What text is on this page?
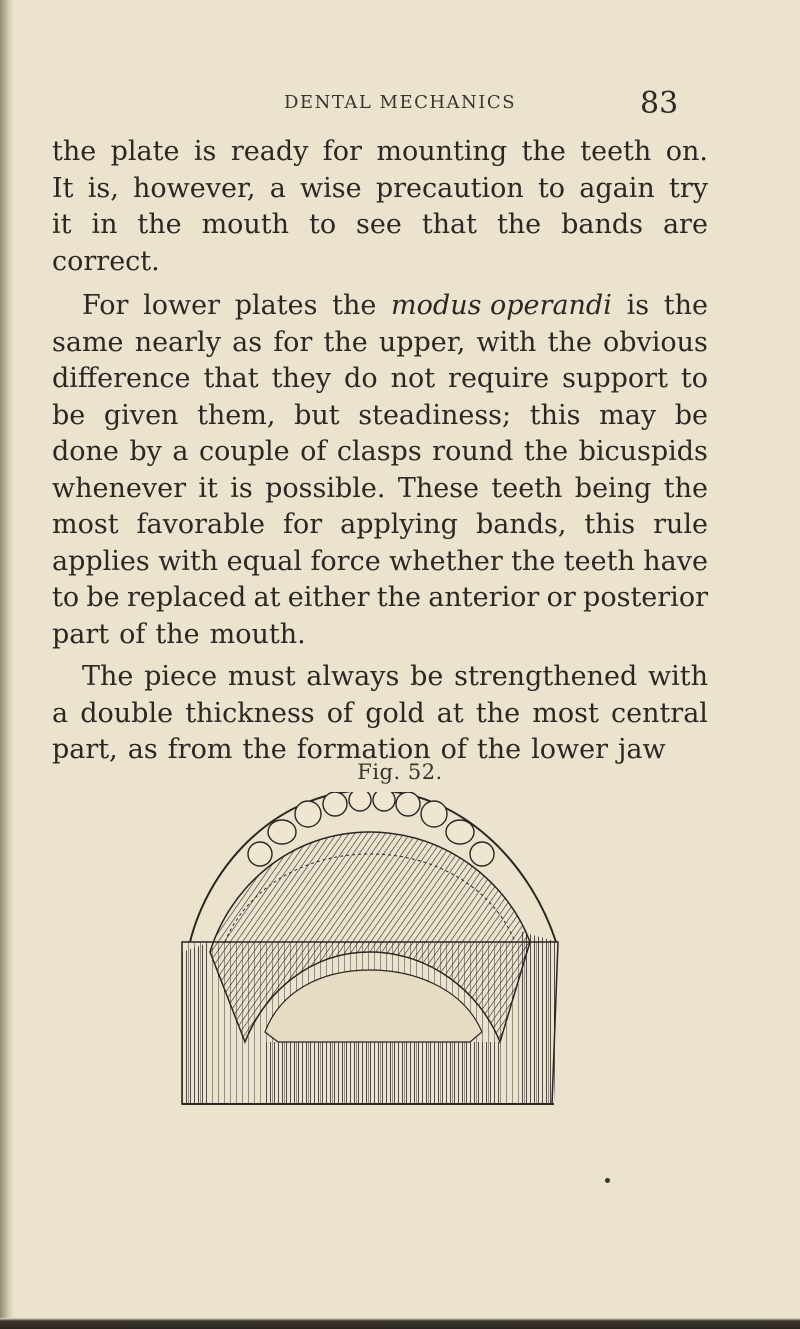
DENTAL MECHANICS	83
the plate is ready for mounting the teeth on.
It is, however, a wise precaution to again try
it in the mouth to see that the bands are
correct.
For lower plates the modus operandi is the
same nearly as for the upper, with the obvious
difference that they do not require support to
be given them, but steadiness; this may be
done by a couple of clasps round the bicuspids
whenever it is possible. These teeth being the
most favorable for applying bands, this rule
applies with equal force whether the teeth have
to be replaced at either the anterior or posterior
part of the mouth.
The piece must always be strengthened with
a double thickness of gold at the most central
part, as from the formation of the lower jaw
Fig. 52.
